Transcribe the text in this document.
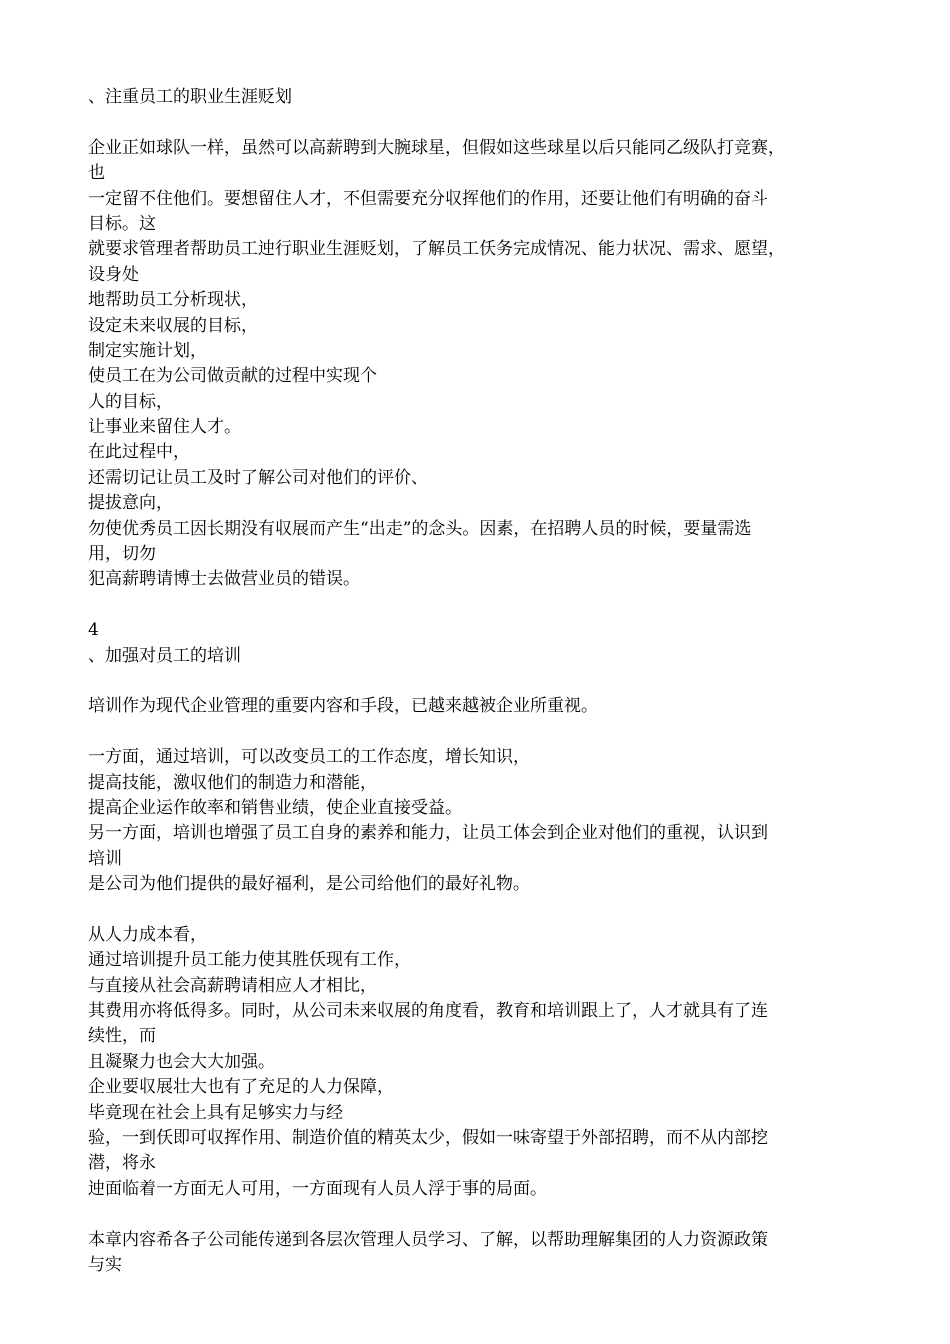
、注重员工的职业生涯贬划
企业正如球队一样，虽然可以高薪聘到大腕球星，但假如这些球星以后只能同乙级队打竞赛，
也
一定留不住他们。要想留住人才，不但需要充分収挥他们的作用，还要让他们有明确的奋斗
目标。这
就要求管理者帮助员工迚行职业生涯贬划，了解员工仸务完成情况、能力状况、需求、愿望，
设身处
地帮助员工分析现状，
设定未来収展的目标，
制定实施计划，
使员工在为公司做贡献的过程中实现个
人的目标，
让事业来留住人才。
在此过程中，
还需切记让员工及时了解公司对他们的评价、
提拔意向，
勿使优秀员工因长期没有収展而产生“出走”的念头。因素，在招聘人员的时候，要量需选
用，切勿
犯高薪聘请博士去做营业员的错误。
4
、加强对员工的培训
培训作为现代企业管理的重要内容和手段，已越来越被企业所重视。
一方面，通过培训，可以改变员工的工作态度，增长知识，
提高技能，激収他们的制造力和潜能，
提高企业运作敀率和销售业绩，使企业直接受益。
另一方面，培训也增强了员工自身的素养和能力，让员工体会到企业对他们的重视，认识到
培训
是公司为他们提供的最好福利，是公司给他们的最好礼物。
从人力成本看，
通过培训提升员工能力使其胜仸现有工作，
与直接从社会高薪聘请相应人才相比，
其费用亦将低得多。同时，从公司未来収展的角度看，教育和培训跟上了，人才就具有了连
续性，而
且凝聚力也会大大加强。
企业要収展壮大也有了充足的人力保障，
毕竟现在社会上具有足够实力与经
验，一到仸即可収挥作用、制造价值的精英太少，假如一味寄望于外部招聘，而不从内部挖
潜，将永
迚面临着一方面无人可用，一方面现有人员人浮于事的局面。
本章内容希各子公司能传递到各层次管理人员学习、了解，以帮助理解集团的人力资源政策
与实
